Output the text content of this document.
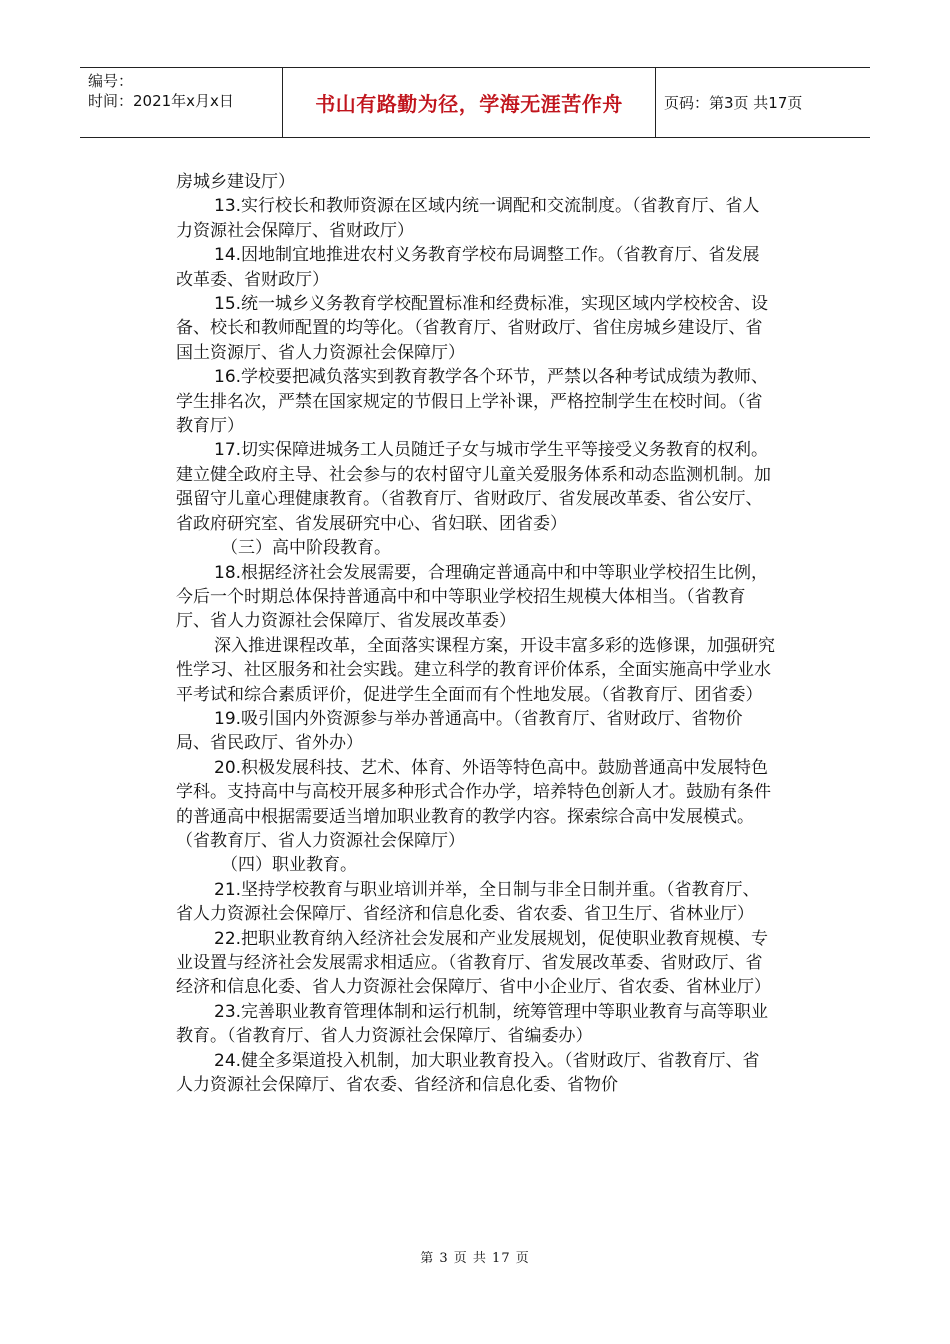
编号：
时间：2021年x月x日	书山有路勤为径，学海无涯苦作舟	页码：第3页 共17页

房城乡建设厅）

13.实行校长和教师资源在区域内统一调配和交流制度。（省教育厅、省人力资源社会保障厅、省财政厅）

14.因地制宜地推进农村义务教育学校布局调整工作。（省教育厅、省发展改革委、省财政厅）

15.统一城乡义务教育学校配置标准和经费标准，实现区域内学校校舍、设备、校长和教师配置的均等化。（省教育厅、省财政厅、省住房城乡建设厅、省国土资源厅、省人力资源社会保障厅）

16.学校要把减负落实到教育教学各个环节，严禁以各种考试成绩为教师、学生排名次，严禁在国家规定的节假日上学补课，严格控制学生在校时间。（省教育厅）

17.切实保障进城务工人员随迁子女与城市学生平等接受义务教育的权利。建立健全政府主导、社会参与的农村留守儿童关爱服务体系和动态监测机制。加强留守儿童心理健康教育。（省教育厅、省财政厅、省发展改革委、省公安厅、省政府研究室、省发展研究中心、省妇联、团省委）

（三）高中阶段教育。

18.根据经济社会发展需要，合理确定普通高中和中等职业学校招生比例，今后一个时期总体保持普通高中和中等职业学校招生规模大体相当。（省教育厅、省人力资源社会保障厅、省发展改革委）

深入推进课程改革，全面落实课程方案，开设丰富多彩的选修课，加强研究性学习、社区服务和社会实践。建立科学的教育评价体系，全面实施高中学业水平考试和综合素质评价，促进学生全面而有个性地发展。（省教育厅、团省委）

19.吸引国内外资源参与举办普通高中。（省教育厅、省财政厅、省物价局、省民政厅、省外办）

20.积极发展科技、艺术、体育、外语等特色高中。鼓励普通高中发展特色学科。支持高中与高校开展多种形式合作办学，培养特色创新人才。鼓励有条件的普通高中根据需要适当增加职业教育的教学内容。探索综合高中发展模式。（省教育厅、省人力资源社会保障厅）

（四）职业教育。

21.坚持学校教育与职业培训并举，全日制与非全日制并重。（省教育厅、省人力资源社会保障厅、省经济和信息化委、省农委、省卫生厅、省林业厅）

22.把职业教育纳入经济社会发展和产业发展规划，促使职业教育规模、专业设置与经济社会发展需求相适应。（省教育厅、省发展改革委、省财政厅、省经济和信息化委、省人力资源社会保障厅、省中小企业厅、省农委、省林业厅）

23.完善职业教育管理体制和运行机制，统筹管理中等职业教育与高等职业教育。（省教育厅、省人力资源社会保障厅、省编委办）

24.健全多渠道投入机制，加大职业教育投入。（省财政厅、省教育厅、省人力资源社会保障厅、省农委、省经济和信息化委、省物价

第 3 页 共 17 页
